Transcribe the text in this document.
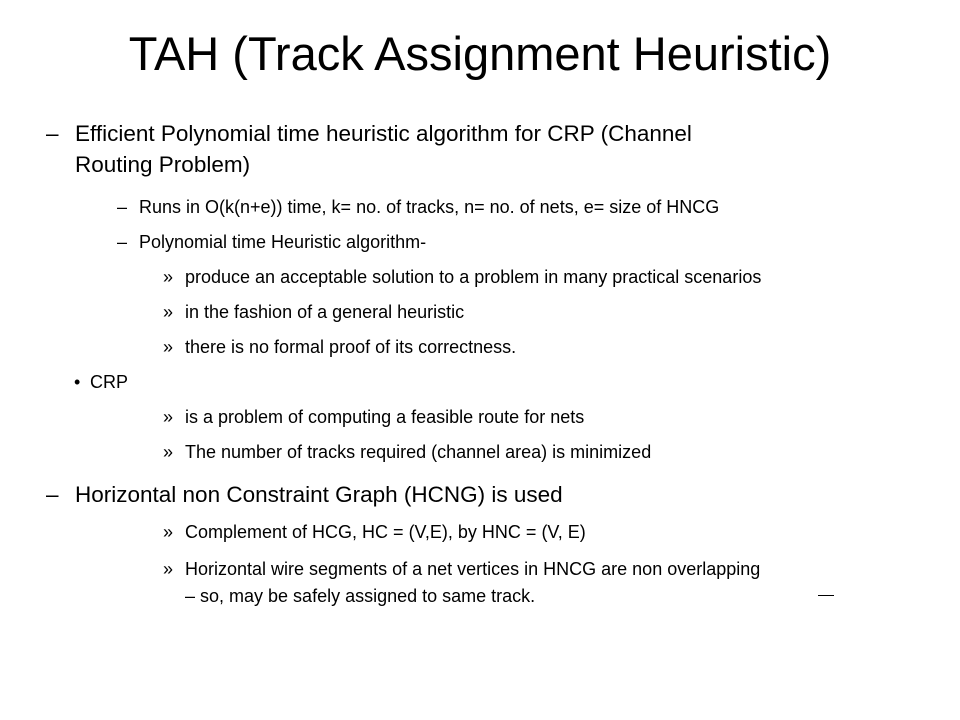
TAH (Track Assignment Heuristic)
– Efficient Polynomial time heuristic algorithm for CRP (Channel
Routing Problem)
– Runs in O(k(n+e)) time, k= no. of tracks, n= no. of nets, e= size of HNCG
– Polynomial time Heuristic algorithm-
» produce an acceptable solution to a problem in many practical scenarios
» in the fashion of a general heuristic
» there is no formal proof of its correctness.
• CRP
» is a problem of computing a feasible route for nets
» The number of tracks required (channel area) is minimized
– Horizontal non Constraint Graph (HCNG) is used
» Complement of HCG, HC = (V,E), by HNC = (V, E)
» Horizontal wire segments of a net vertices in HNCG are non overlapping
– so, may be safely assigned to same track.
